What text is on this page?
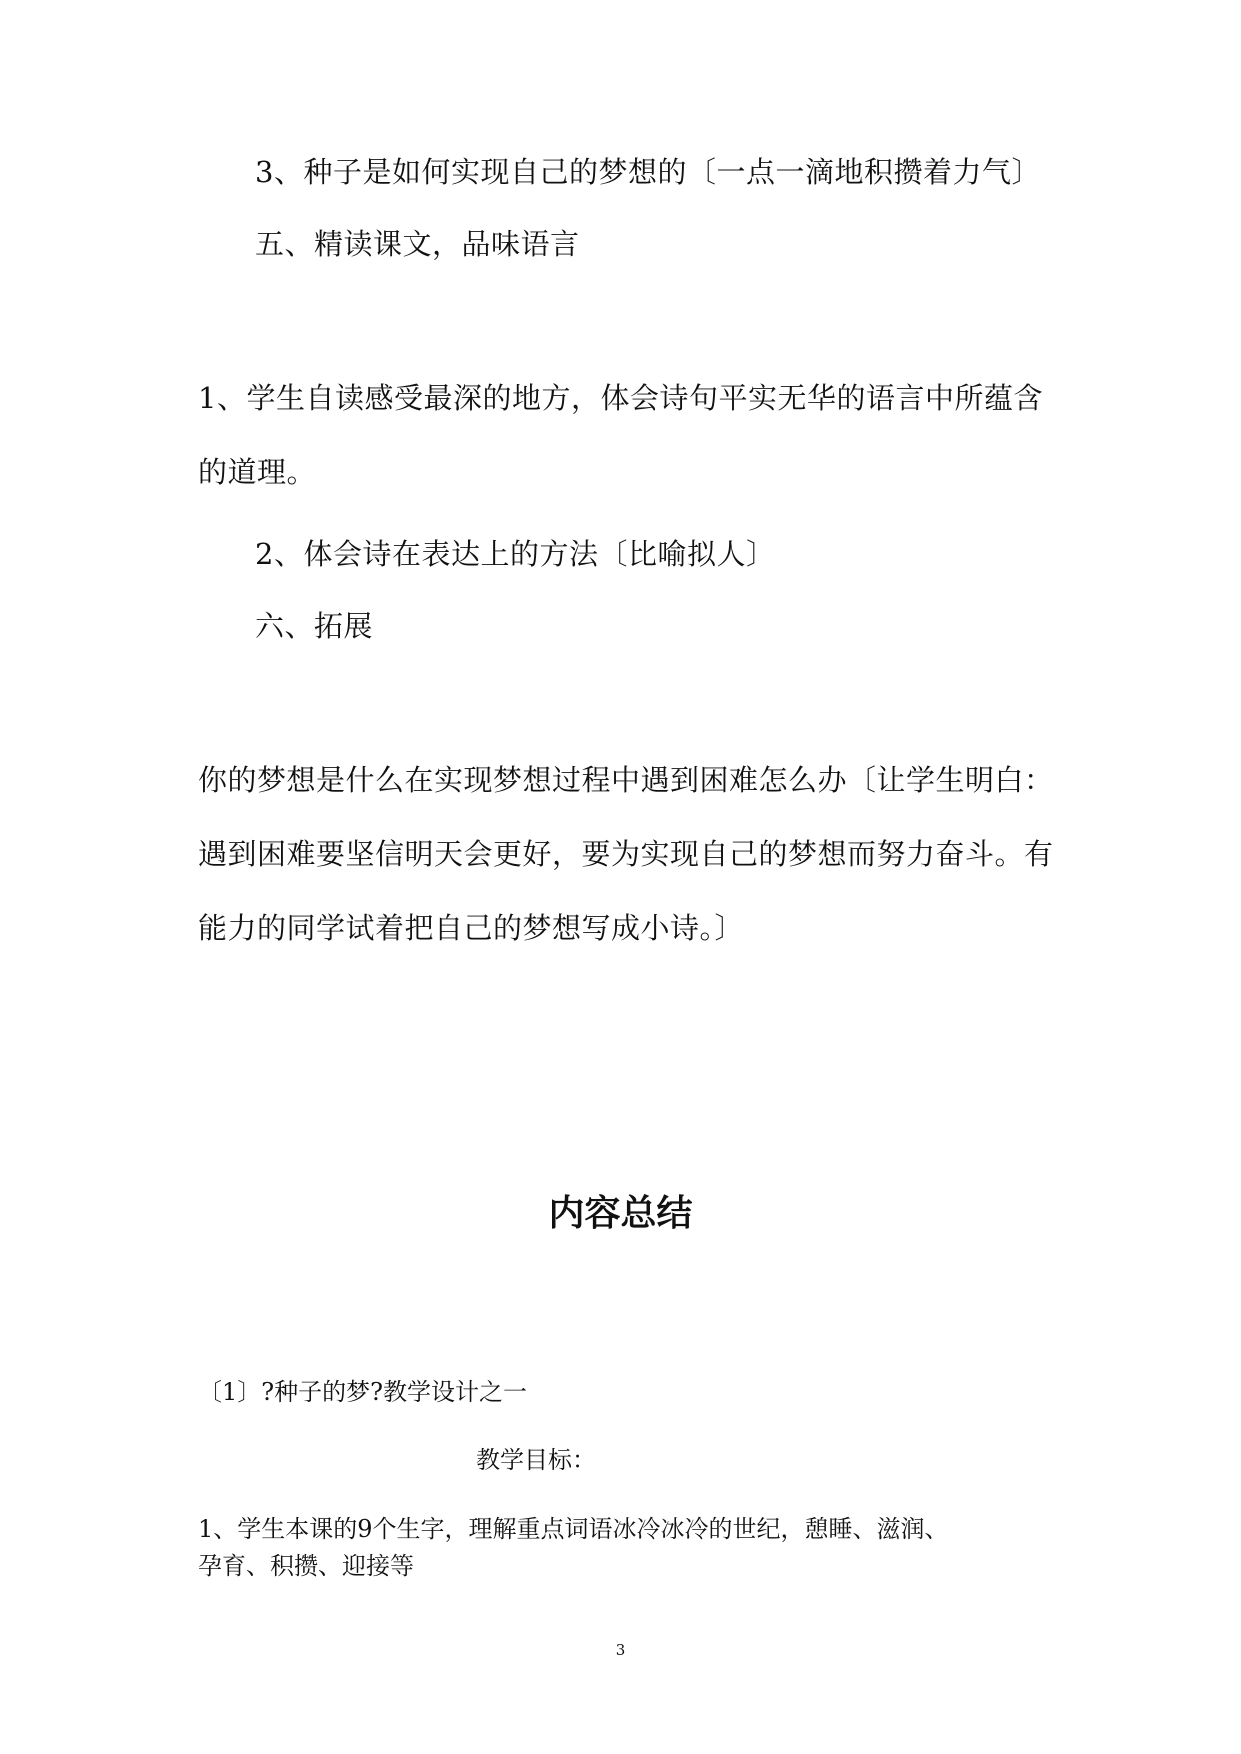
3、种子是如何实现自己的梦想的〔一点一滴地积攒着力气〕
五、精读课文，品味语言
1、学生自读感受最深的地方，体会诗句平实无华的语言中所蕴含
的道理。
2、体会诗在表达上的方法〔比喻拟人〕
六、拓展
你的梦想是什么在实现梦想过程中遇到困难怎么办〔让学生明白：
遇到困难要坚信明天会更好，要为实现自己的梦想而努力奋斗。有
能力的同学试着把自己的梦想写成小诗。〕
内容总结
〔1〕?种子的梦?教学设计之一
教学目标：
1、学生本课的9个生字，理解重点词语冰冷冰冷的世纪，憩睡、滋润、
孕育、积攒、迎接等
3
